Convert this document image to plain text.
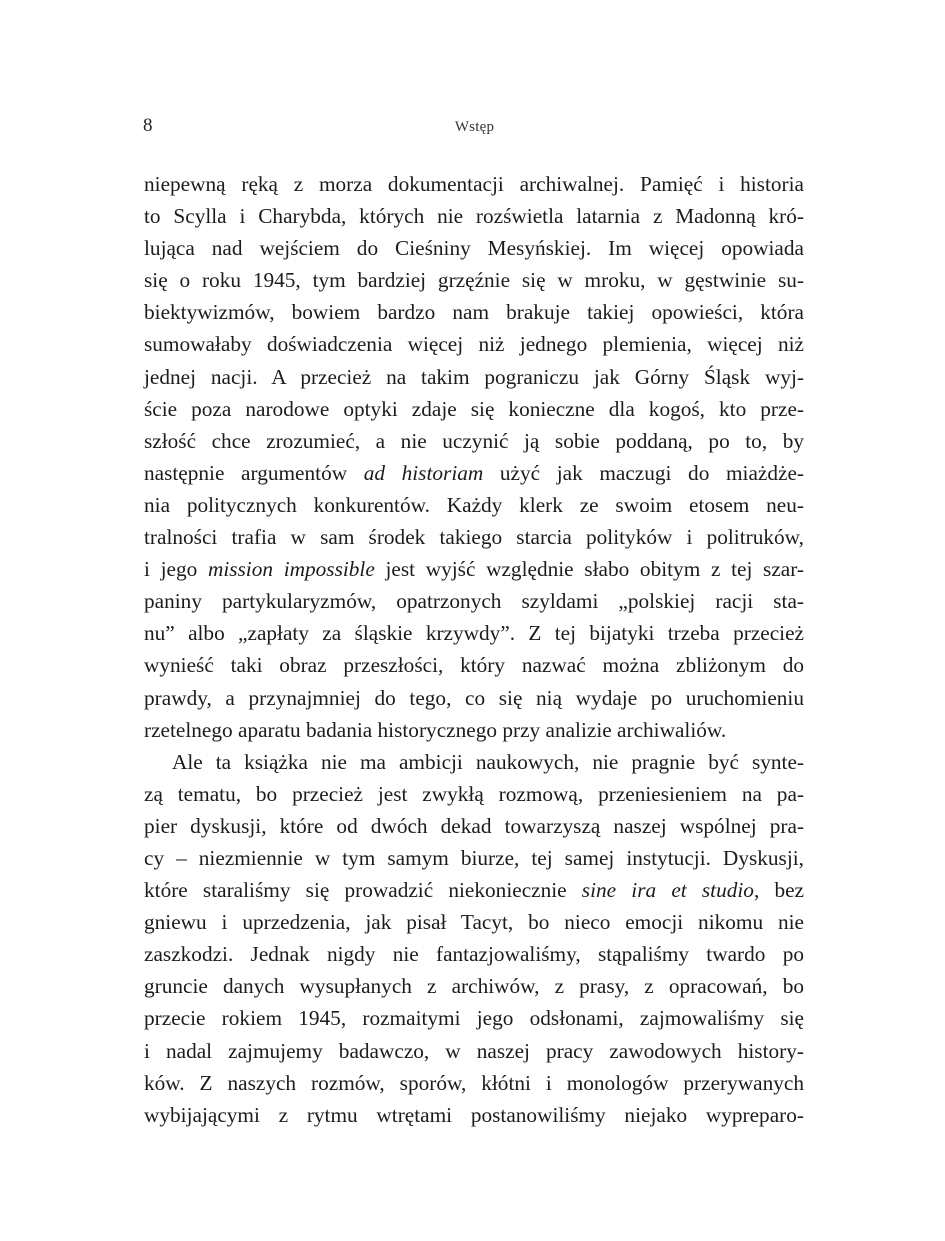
8	Wstęp
niepewną ręką z morza dokumentacji archiwalnej. Pamięć i historia
to Scylla i Charybda, których nie rozświetla latarnia z Madonną kró-
lująca nad wejściem do Cieśniny Mesyńskiej. Im więcej opowiada
się o roku 1945, tym bardziej grzęźnie się w mroku, w gęstwinie su-
biektywizmów, bowiem bardzo nam brakuje takiej opowieści, która
sumowałaby doświadczenia więcej niż jednego plemienia, więcej niż
jednej nacji. A przecież na takim pograniczu jak Górny Śląsk wyj-
ście poza narodowe optyki zdaje się konieczne dla kogoś, kto prze-
szłość chce zrozumieć, a nie uczynić ją sobie poddaną, po to, by
następnie argumentów ad historiam użyć jak maczugi do miażdże-
nia politycznych konkurentów. Każdy klerk ze swoim etosem neu-
tralności trafia w sam środek takiego starcia polityków i politruków,
i jego mission impossible jest wyjść względnie słabo obitym z tej szar-
paniny partykularyzmów, opatrzonych szyldami „polskiej racji sta-
nu” albo „zapłaty za śląskie krzywdy”. Z tej bijatyki trzeba przecież
wynieść taki obraz przeszłości, który nazwać można zbliżonym do
prawdy, a przynajmniej do tego, co się nią wydaje po uruchomieniu
rzetelnego aparatu badania historycznego przy analizie archiwaliów.
Ale ta książka nie ma ambicji naukowych, nie pragnie być synte-
zą tematu, bo przecież jest zwykłą rozmową, przeniesieniem na pa-
pier dyskusji, które od dwóch dekad towarzyszą naszej wspólnej pra-
cy – niezmiennie w tym samym biurze, tej samej instytucji. Dyskusji,
które staraliśmy się prowadzić niekoniecznie sine ira et studio, bez
gniewu i uprzedzenia, jak pisał Tacyt, bo nieco emocji nikomu nie
zaszkodzi. Jednak nigdy nie fantazjowaliśmy, stąpaliśmy twardo po
gruncie danych wysupłanych z archiwów, z prasy, z opracowań, bo
przecie rokiem 1945, rozmaitymi jego odsłonami, zajmowaliśmy się
i nadal zajmujemy badawczo, w naszej pracy zawodowych history-
ków. Z naszych rozmów, sporów, kłótni i monologów przerywanych
wybijającymi z rytmu wtrętami postanowiliśmy niejako wypreparo-
